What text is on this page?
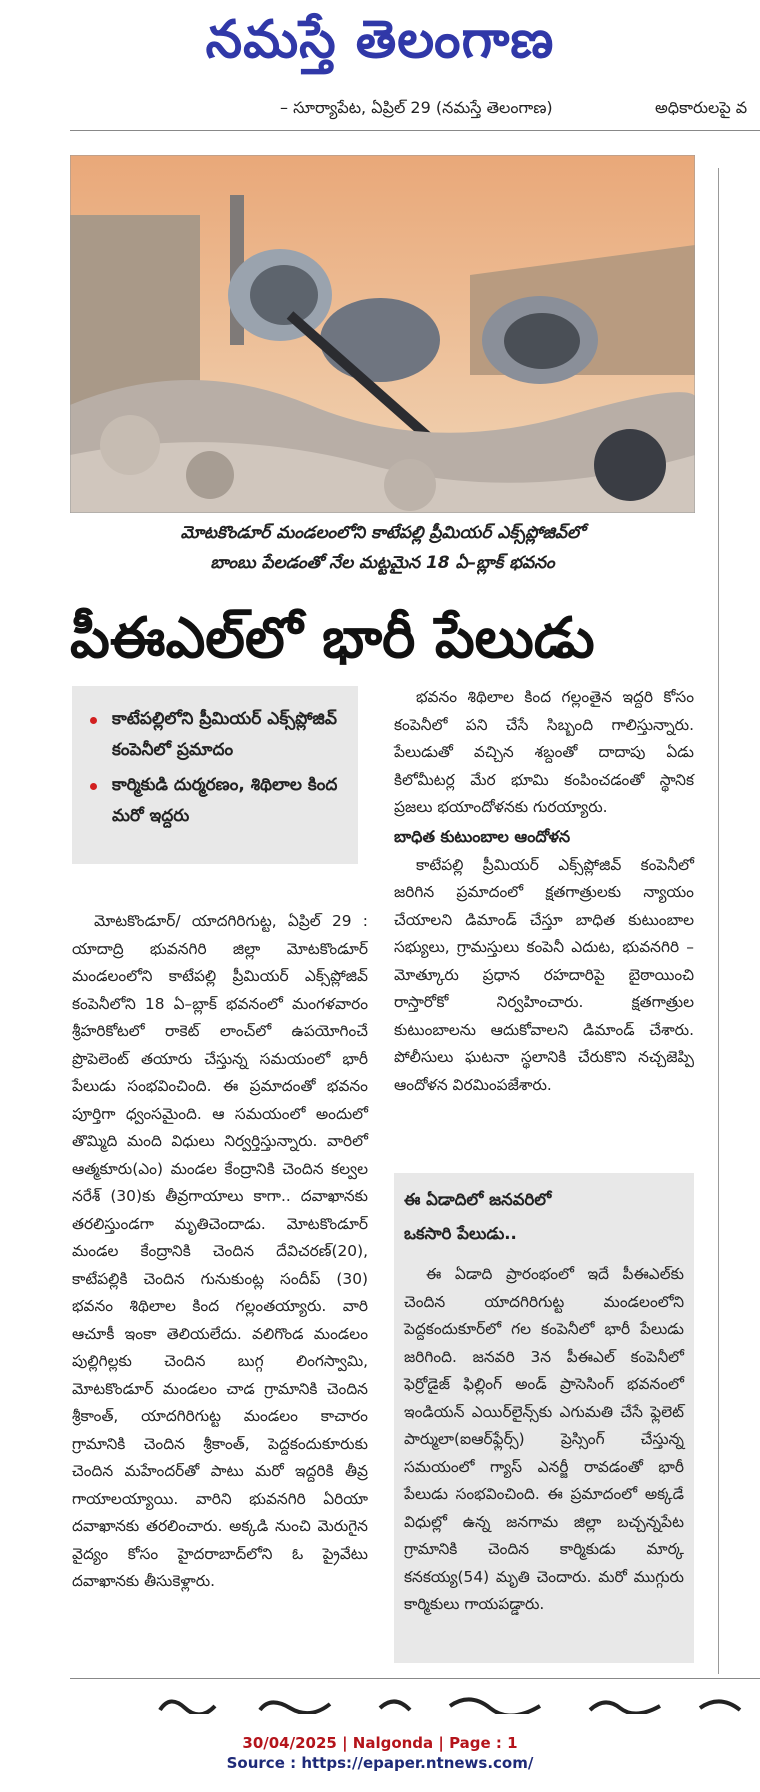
నమస్తే తెలంగాణ
– సూర్యాపేట, ఏప్రిల్ 29 (నమస్తే తెలంగాణ)	అధికారులపై వ
మోటకొండూర్ మండలంలోని కాటేపల్లి ప్రీమియర్ ఎక్స్‌ప్లోజివ్‌లో
బాంబు పేలడంతో నేల మట్టమైన 18 ఏ–బ్లాక్ భవనం
పీఈఎల్‌లో భారీ పేలుడు
కాటేపల్లిలోని ప్రీమియర్ ఎక్స్‌ప్లోజివ్ కంపెనీలో ప్రమాదం
కార్మికుడి దుర్మరణం, శిథిలాల కింద మరో ఇద్దరు

మోటకొండూర్/ యాదగిరిగుట్ట, ఏప్రిల్ 29 : యాదాద్రి భువనగిరి జిల్లా మోటకొండూర్ మండలంలోని కాటేపల్లి ప్రీమియర్ ఎక్స్‌ప్లోజివ్ కంపెనీలోని 18 ఏ–బ్లాక్ భవనంలో మంగళవారం శ్రీహరికోటలో రాకెట్ లాంచ్‌లో ఉపయోగించే ప్రొపెలెంట్ తయారు చేస్తున్న సమయంలో భారీ పేలుడు సంభవించింది. ఈ ప్రమాదంతో భవనం పూర్తిగా ధ్వంసమైంది. ఆ సమయంలో అందులో తొమ్మిది మంది విధులు నిర్వర్తిస్తున్నారు. వారిలో ఆత్మకూరు(ఎం) మండల కేంద్రానికి చెందిన కల్వల నరేశ్ (30)కు తీవ్రగాయాలు కాగా.. దవాఖానకు తరలిస్తుండగా మృతిచెందాడు. మోటకొండూర్ మండల కేంద్రానికి చెందిన దేవిచరణ్(20), కాటేపల్లికి చెందిన గునుకుంట్ల సందీప్ (30) భవనం శిథిలాల కింద గల్లంతయ్యారు. వారి ఆచూకీ ఇంకా తెలియలేదు. వలిగొండ మండలం పుల్లిగిల్లకు చెందిన బుగ్గ లింగస్వామి, మోటకొండూర్ మండలం చాడ గ్రామానికి చెందిన శ్రీకాంత్, యాదగిరిగుట్ట మండలం కాచారం గ్రామానికి చెందిన శ్రీకాంత్, పెద్దకందుకూరుకు చెందిన మహేందర్‌తో పాటు మరో ఇద్దరికి తీవ్ర గాయాలయ్యాయి. వారిని భువనగిరి ఏరియా దవాఖానకు తరలించారు. అక్కడి నుంచి మెరుగైన వైద్యం కోసం హైదరాబాద్‌లోని ఓ ప్రైవేటు దవాఖానకు తీసుకెళ్లారు.

భవనం శిథిలాల కింద గల్లంతైన ఇద్దరి కోసం కంపెనీలో పని చేసే సిబ్బంది గాలిస్తున్నారు. పేలుడుతో వచ్చిన శబ్దంతో దాదాపు ఏడు కిలోమీటర్ల మేర భూమి కంపించడంతో స్థానిక ప్రజలు భయాందోళనకు గురయ్యారు.

బాధిత కుటుంబాల ఆందోళన

కాటేపల్లి ప్రీమియర్ ఎక్స్‌ప్లోజివ్ కంపెనీలో జరిగిన ప్రమాదంలో క్షతగాత్రులకు న్యాయం చేయాలని డిమాండ్ చేస్తూ బాధిత కుటుంబాల సభ్యులు, గ్రామస్తులు కంపెనీ ఎదుట, భువనగిరి – మోత్కూరు ప్రధాన రహదారిపై బైఠాయించి రాస్తారోకో నిర్వహించారు. క్షతగాత్రుల కుటుంబాలను ఆదుకోవాలని డిమాండ్ చేశారు. పోలీసులు ఘటనా స్థలానికి చేరుకొని నచ్చజెప్పి ఆందోళన విరమింపజేశారు.

ఈ ఏడాదిలో జనవరిలో
ఒకసారి పేలుడు..
ఈ ఏడాది ప్రారంభంలో ఇదే పీఈఎల్‌కు చెందిన యాదగిరిగుట్ట మండలంలోని పెద్దకందుకూర్‌లో గల కంపెనీలో భారీ పేలుడు జరిగింది. జనవరి 3న పీఈఎల్ కంపెనీలో ఫెర్రోడైజ్ ఫిల్లింగ్ అండ్ ప్రాసెసింగ్ భవనంలో ఇండియన్ ఎయిర్‌లైన్స్‌కు ఎగుమతి చేసే ఫ్లెలెట్ పార్ములా(ఐఆర్‌ఫ్లేర్స్) ప్రెస్సింగ్ చేస్తున్న సమయంలో గ్యాస్ ఎనర్జీ రావడంతో భారీ పేలుడు సంభవించింది. ఈ ప్రమాదంలో అక్కడే విధుల్లో ఉన్న జనగామ జిల్లా బచ్చన్నపేట గ్రామానికి చెందిన కార్మికుడు మార్క కనకయ్య(54) మృతి చెందారు. మరో ముగ్గురు కార్మికులు గాయపడ్డారు.
30/04/2025 | Nalgonda | Page : 1
Source : https://epaper.ntnews.com/
